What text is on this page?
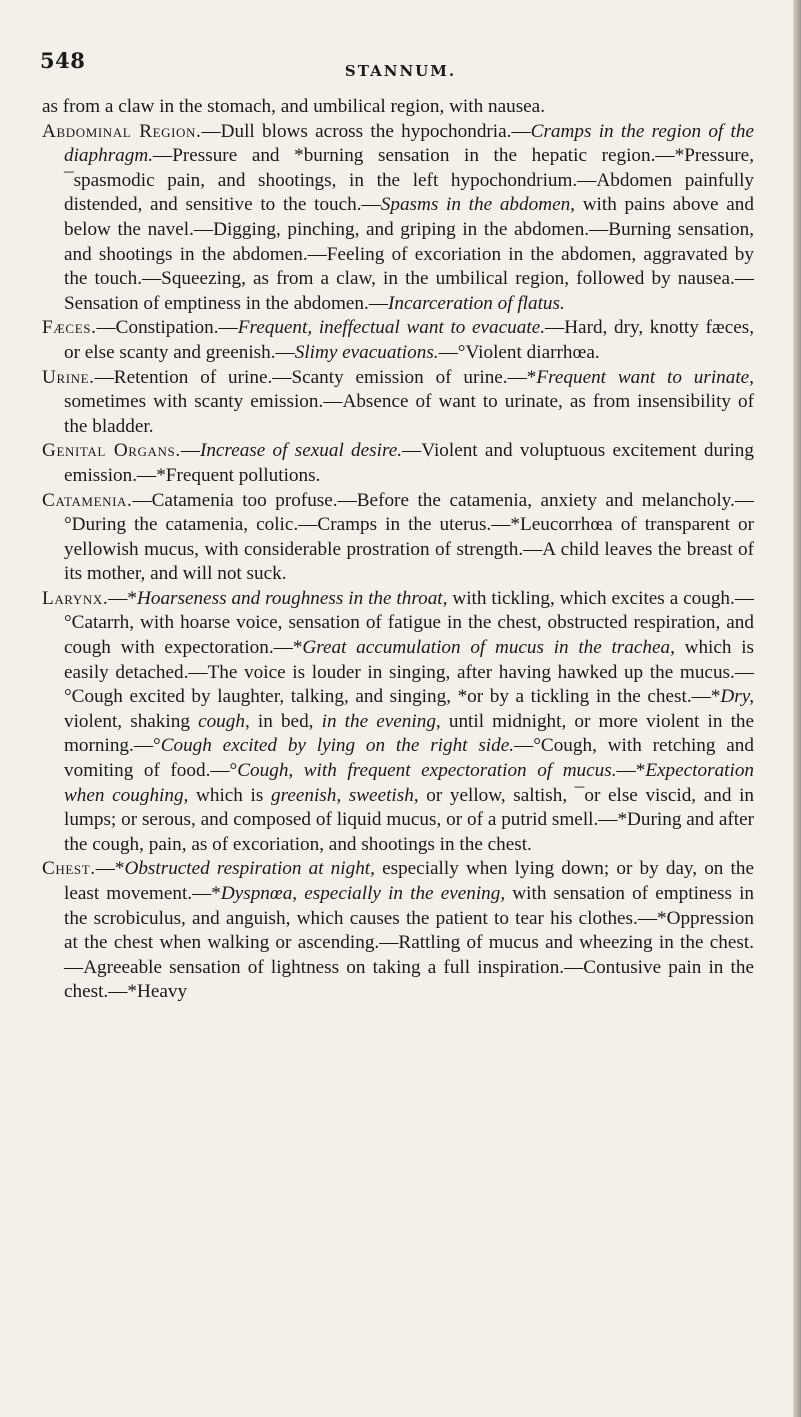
548	STANNUM.

as from a claw in the stomach, and umbilical region, with nausea.

Abdominal Region.—Dull blows across the hypochondria.—Cramps in the region of the diaphragm.—Pressure and *burning sensation in the hepatic region.—*Pressure, ¯spasmodic pain, and shootings, in the left hypochondrium.—Abdomen painfully distended, and sensitive to the touch.—Spasms in the abdomen, with pains above and below the navel.—Digging, pinching, and griping in the abdomen.—Burning sensation, and shootings in the abdomen.—Feeling of excoriation in the abdomen, aggravated by the touch.—Squeezing, as from a claw, in the umbilical region, followed by nausea.—Sensation of emptiness in the abdomen.—Incarceration of flatus.

Fæces.—Constipation.—Frequent, ineffectual want to evacuate.—Hard, dry, knotty fæces, or else scanty and greenish.—Slimy evacuations.—°Violent diarrhœa.

Urine.—Retention of urine.—Scanty emission of urine.—*Frequent want to urinate, sometimes with scanty emission.—Absence of want to urinate, as from insensibility of the bladder.

Genital Organs.—Increase of sexual desire.—Violent and voluptuous excitement during emission.—*Frequent pollutions.

Catamenia.—Catamenia too profuse.—Before the catamenia, anxiety and melancholy.—°During the catamenia, colic.—Cramps in the uterus.—*Leucorrhœa of transparent or yellowish mucus, with considerable prostration of strength.—A child leaves the breast of its mother, and will not suck.

Larynx.—*Hoarseness and roughness in the throat, with tickling, which excites a cough.—°Catarrh, with hoarse voice, sensation of fatigue in the chest, obstructed respiration, and cough with expectoration.—*Great accumulation of mucus in the trachea, which is easily detached.—The voice is louder in singing, after having hawked up the mucus.—°Cough excited by laughter, talking, and singing, *or by a tickling in the chest.—*Dry, violent, shaking cough, in bed, in the evening, until midnight, or more violent in the morning.—°Cough excited by lying on the right side.—°Cough, with retching and vomiting of food.—°Cough, with frequent expectoration of mucus.—*Expectoration when coughing, which is greenish, sweetish, or yellow, saltish, ¯or else viscid, and in lumps; or serous, and composed of liquid mucus, or of a putrid smell.—*During and after the cough, pain, as of excoriation, and shootings in the chest.

Chest.—*Obstructed respiration at night, especially when lying down; or by day, on the least movement.—*Dyspnœa, especially in the evening, with sensation of emptiness in the scrobiculus, and anguish, which causes the patient to tear his clothes.—*Oppression at the chest when walking or ascending.—Rattling of mucus and wheezing in the chest.—Agreeable sensation of lightness on taking a full inspiration.—Contusive pain in the chest.—*Heavy
